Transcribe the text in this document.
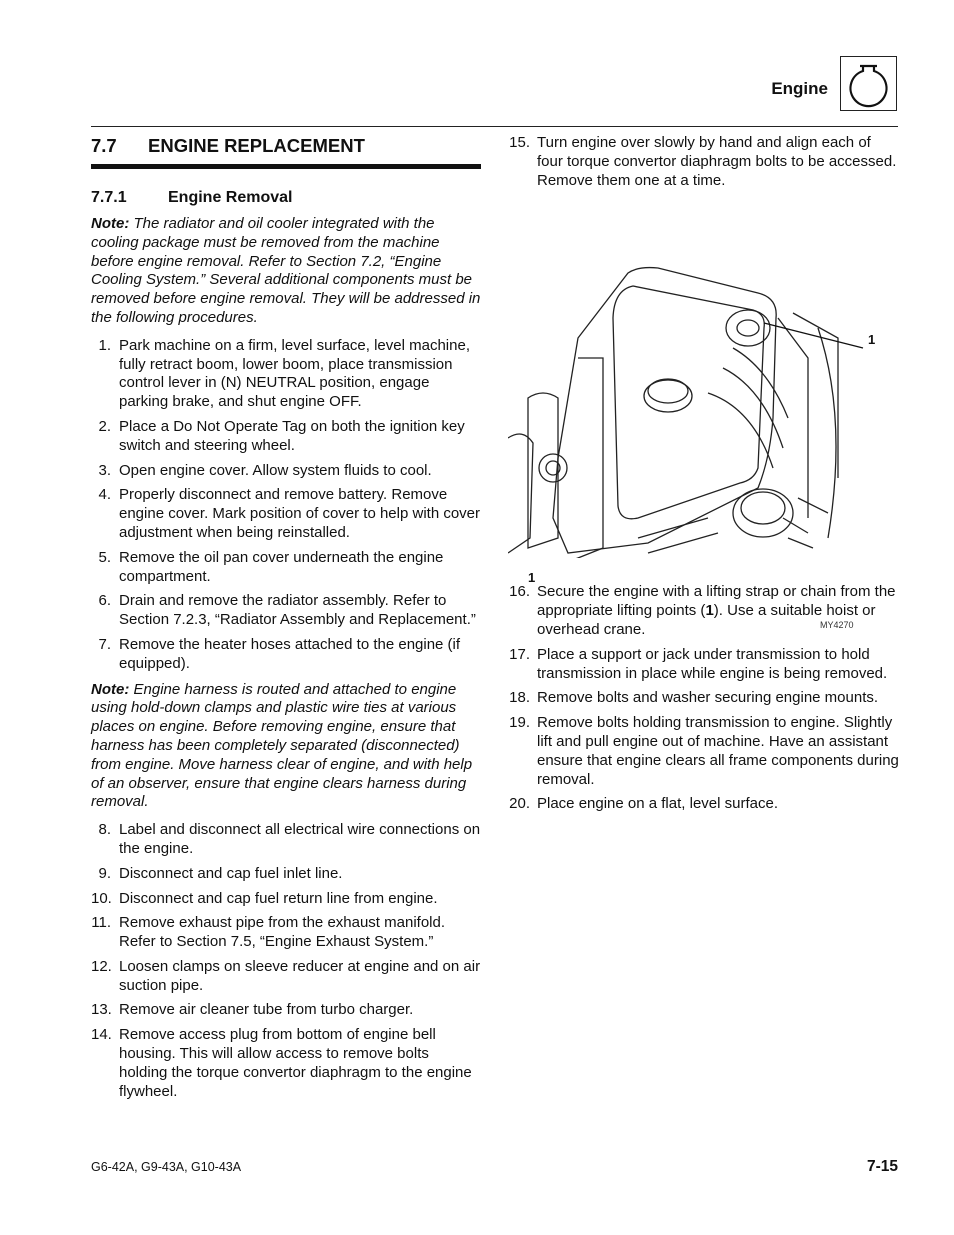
Engine
7.7	ENGINE REPLACEMENT
7.7.1	Engine Removal

Note: The radiator and oil cooler integrated with the cooling package must be removed from the machine before engine removal. Refer to Section 7.2, “Engine Cooling System.” Several additional components must be removed before engine removal. They will be addressed in the following procedures.

1. Park machine on a firm, level surface, level machine, fully retract boom, lower boom, place transmission control lever in (N) NEUTRAL position, engage parking brake, and shut engine OFF.
2. Place a Do Not Operate Tag on both the ignition key switch and steering wheel.
3. Open engine cover. Allow system fluids to cool.
4. Properly disconnect and remove battery. Remove engine cover. Mark position of cover to help with cover adjustment when being reinstalled.
5. Remove the oil pan cover underneath the engine compartment.
6. Drain and remove the radiator assembly. Refer to Section 7.2.3, “Radiator Assembly and Replacement.”
7. Remove the heater hoses attached to the engine (if equipped).

Note: Engine harness is routed and attached to engine using hold-down clamps and plastic wire ties at various places on engine. Before removing engine, ensure that harness has been completely separated (disconnected) from engine. Move harness clear of engine, and with help of an observer, ensure that engine clears harness during removal.

8. Label and disconnect all electrical wire connections on the engine.
9. Disconnect and cap fuel inlet line.
10. Disconnect and cap fuel return line from engine.
11. Remove exhaust pipe from the exhaust manifold. Refer to Section 7.5, “Engine Exhaust System.”
12. Loosen clamps on sleeve reducer at engine and on air suction pipe.
13. Remove air cleaner tube from turbo charger.
14. Remove access plug from bottom of engine bell housing. This will allow access to remove bolts holding the torque convertor diaphragm to the engine flywheel.
15. Turn engine over slowly by hand and align each of four torque convertor diaphragm bolts to be accessed. Remove them one at a time.
1
1
MY4270
16. Secure the engine with a lifting strap or chain from the appropriate lifting points (1). Use a suitable hoist or overhead crane.
17. Place a support or jack under transmission to hold transmission in place while engine is being removed.
18. Remove bolts and washer securing engine mounts.
19. Remove bolts holding transmission to engine. Slightly lift and pull engine out of machine. Have an assistant ensure that engine clears all frame components during removal.
20. Place engine on a flat, level surface.
G6-42A, G9-43A, G10-43A	7-15
